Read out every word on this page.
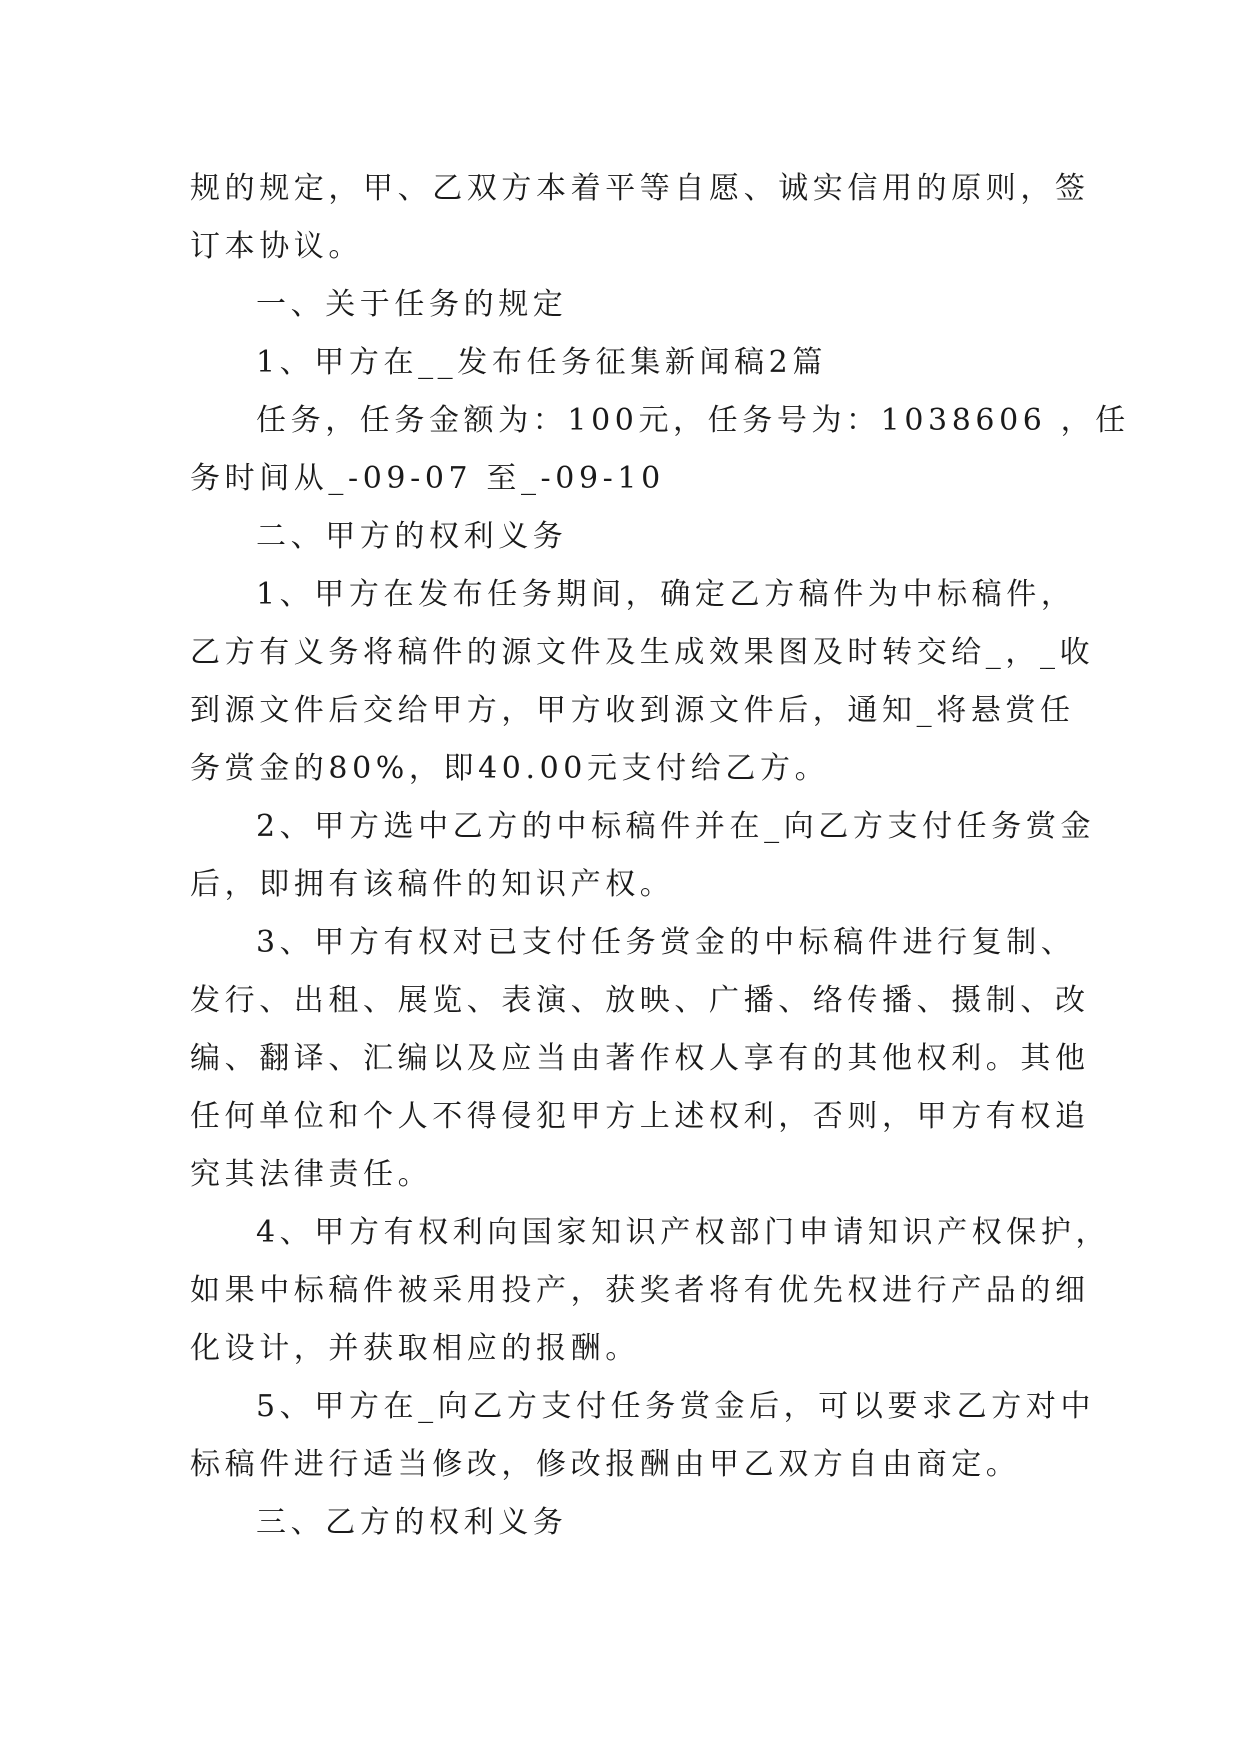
规的规定，甲、乙双方本着平等自愿、诚实信用的原则，签

订本协议。

一、关于任务的规定

1、甲方在__发布任务征集新闻稿2篇

任务，任务金额为：100元，任务号为：1038606 ，任

务时间从_-09-07 至_-09-10

二、甲方的权利义务

1、甲方在发布任务期间，确定乙方稿件为中标稿件，

乙方有义务将稿件的源文件及生成效果图及时转交给_，_收

到源文件后交给甲方，甲方收到源文件后，通知_将悬赏任

务赏金的80%，即40.00元支付给乙方。

2、甲方选中乙方的中标稿件并在_向乙方支付任务赏金

后，即拥有该稿件的知识产权。

3、甲方有权对已支付任务赏金的中标稿件进行复制、

发行、出租、展览、表演、放映、广播、络传播、摄制、改

编、翻译、汇编以及应当由著作权人享有的其他权利。其他

任何单位和个人不得侵犯甲方上述权利，否则，甲方有权追

究其法律责任。

4、甲方有权利向国家知识产权部门申请知识产权保护，

如果中标稿件被采用投产，获奖者将有优先权进行产品的细

化设计，并获取相应的报酬。

5、甲方在_向乙方支付任务赏金后，可以要求乙方对中

标稿件进行适当修改，修改报酬由甲乙双方自由商定。

三、乙方的权利义务
